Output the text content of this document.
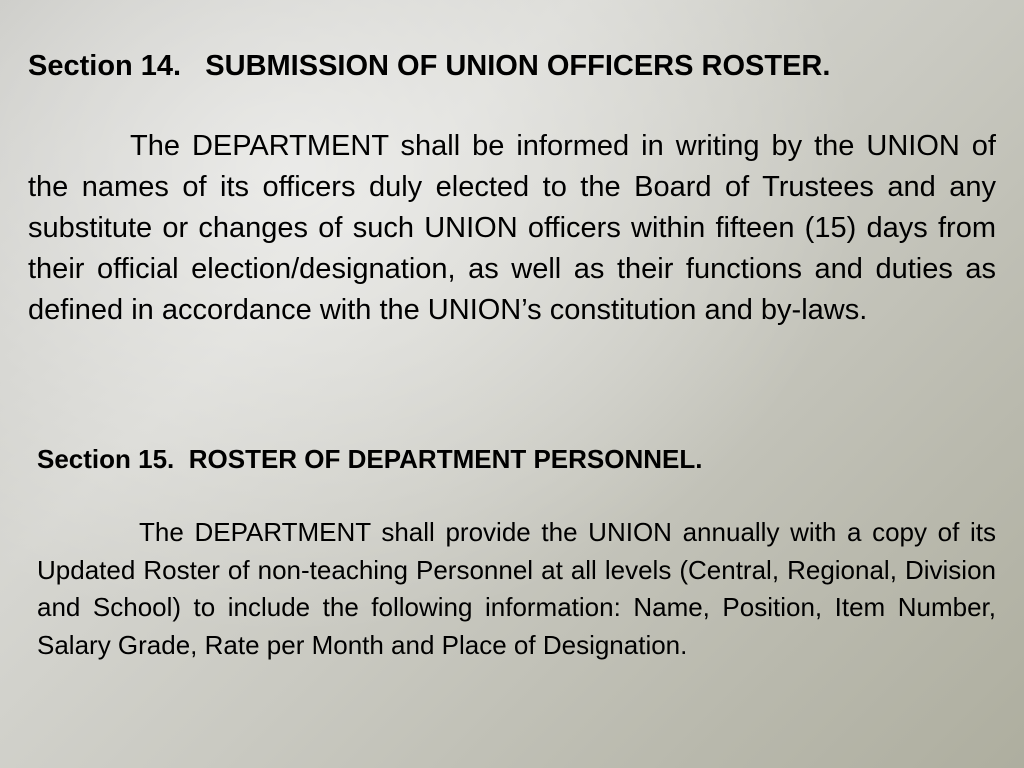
Section 14.   SUBMISSION OF UNION OFFICERS ROSTER.

The DEPARTMENT shall be informed in writing by the UNION of the names of its officers duly elected to the Board of Trustees and any substitute or changes of such UNION officers within fifteen (15) days from their official election/designation, as well as their functions and duties as defined in accordance with the UNION’s constitution and by-laws.

Section 15.  ROSTER OF DEPARTMENT PERSONNEL.

The DEPARTMENT shall provide the UNION annually with a copy of its Updated Roster of non-teaching Personnel at all levels (Central, Regional, Division and School) to include the following information: Name, Position, Item Number, Salary Grade, Rate per Month and Place of Designation.
